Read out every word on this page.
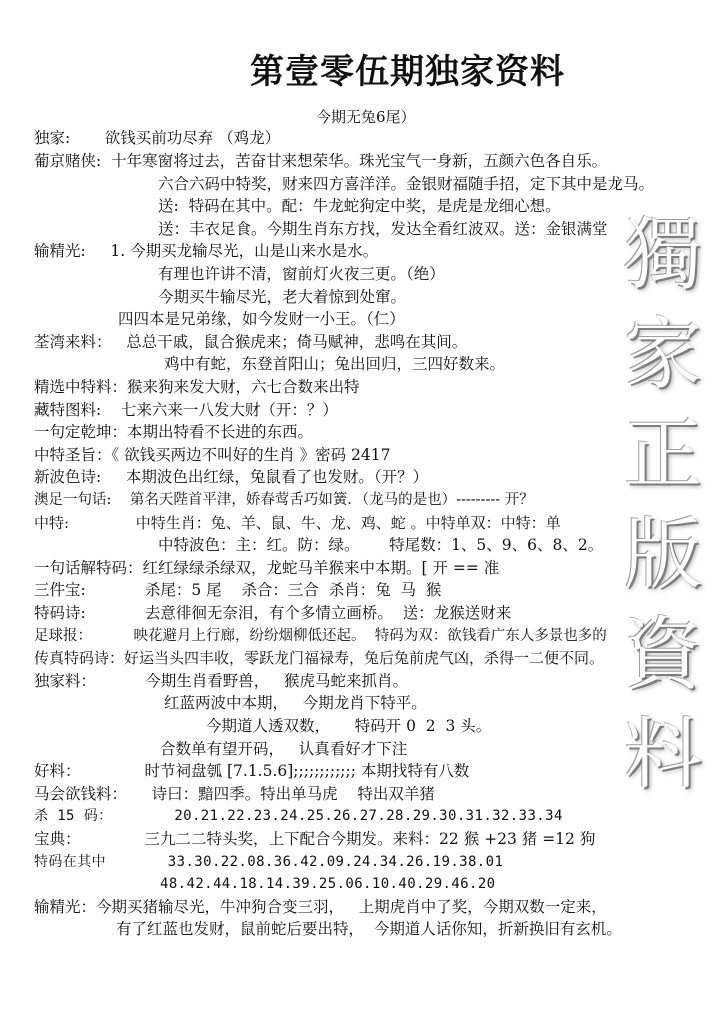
第壹零伍期独家资料
今期无兔6尾）
独家:       欲钱买前功尽弃 （鸡龙）
葡京赌侠:  十年寒窗将过去，苦奋甘来想荣华。珠光宝气一身新，五颜六色各自乐。
六合六码中特奖，财来四方喜洋洋。金银财福随手招，定下其中是龙马。
送:  特码在其中。配：牛龙蛇狗定中奖，是虎是龙细心想。
送：丰衣足食。今期生肖东方找，发达全看红波双。送：金银满堂
输精光:     1. 今期买龙输尽光，山是山来水是水。
有理也许讲不清，窗前灯火夜三更。（绝）
今期买牛输尽光，老大着惊到处窜。
四四本是兄弟缘，如今发财一小王。（仁）
荃湾来料：   总总干戚，鼠合猴虎来；倚马赋神，悲鸣在其间。
鸡中有蛇，东登首阳山；兔出回归，三四好数来。
精选中特料：猴来狗来发大财，六七合数来出特
藏特图料:    七来六来一八发大财（开：？）
一句定乾坤：本期出特看不长进的东西。
中特圣旨：《 欲钱买两边不叫好的生肖 》密码 2417
新波色诗:     本期波色出红绿，兔鼠看了也发财。（开？）
澳足一句话:    第名天陛首平津，娇春莺舌巧如簧．（龙马的是也）--------- 开？
中特:              中特生肖：兔、羊、鼠、牛、龙、鸡、蛇 。中特单双：中特：单
中特波色：主：红。防：绿。      特尾数：1、5、9、6、8、2。
一句话解特码：红红绿绿杀绿双，龙蛇马羊猴来中本期。[ 开 == 准
三件宝:            杀尾：5 尾    杀合：三合  杀肖：兔  马  猴
特码诗:            去意徘徊无奈泪，有个多情立画桥。  送：龙猴送财来
足球报：         映花避月上行廊，纷纷烟柳低还起。  特码为双：欲钱看广东人多景也多的
传真特码诗：好运当头四丰收，零跃龙门福禄寿，兔后兔前虎气凶，杀得一二便不同。
独家料：          今期生肖看野兽，   猴虎马蛇来抓肖。
红蓝两波中本期，   今期龙肖下特平。
今期道人透双数，     特码开 0  2  3 头。
合数单有望开码，   认真看好才下注
好料：             时节祠盘瓠 [7.1.5.6];;;;;;;;;;;; 本期找特有八数
马会欲钱料：     诗曰：黯四季。特出单马虎    特出双羊猪
杀 15 码：       20.21.22.23.24.25.26.27.28.29.30.31.32.33.34
宝典：             三九二二特头奖，上下配合今期发。来料：22 猴 +23 猪 =12 狗
特码在其中       33.30.22.08.36.42.09.24.34.26.19.38.01
48.42.44.18.14.39.25.06.10.40.29.46.20
输精光：今期买猪输尽光，牛冲狗合变三羽，   上期虎肖中了奖，今期双数一定来，
有了红蓝也发财，鼠前蛇后要出特，  今期道人话你知，折新换旧有玄机。
獨
家
正
版
資
料
